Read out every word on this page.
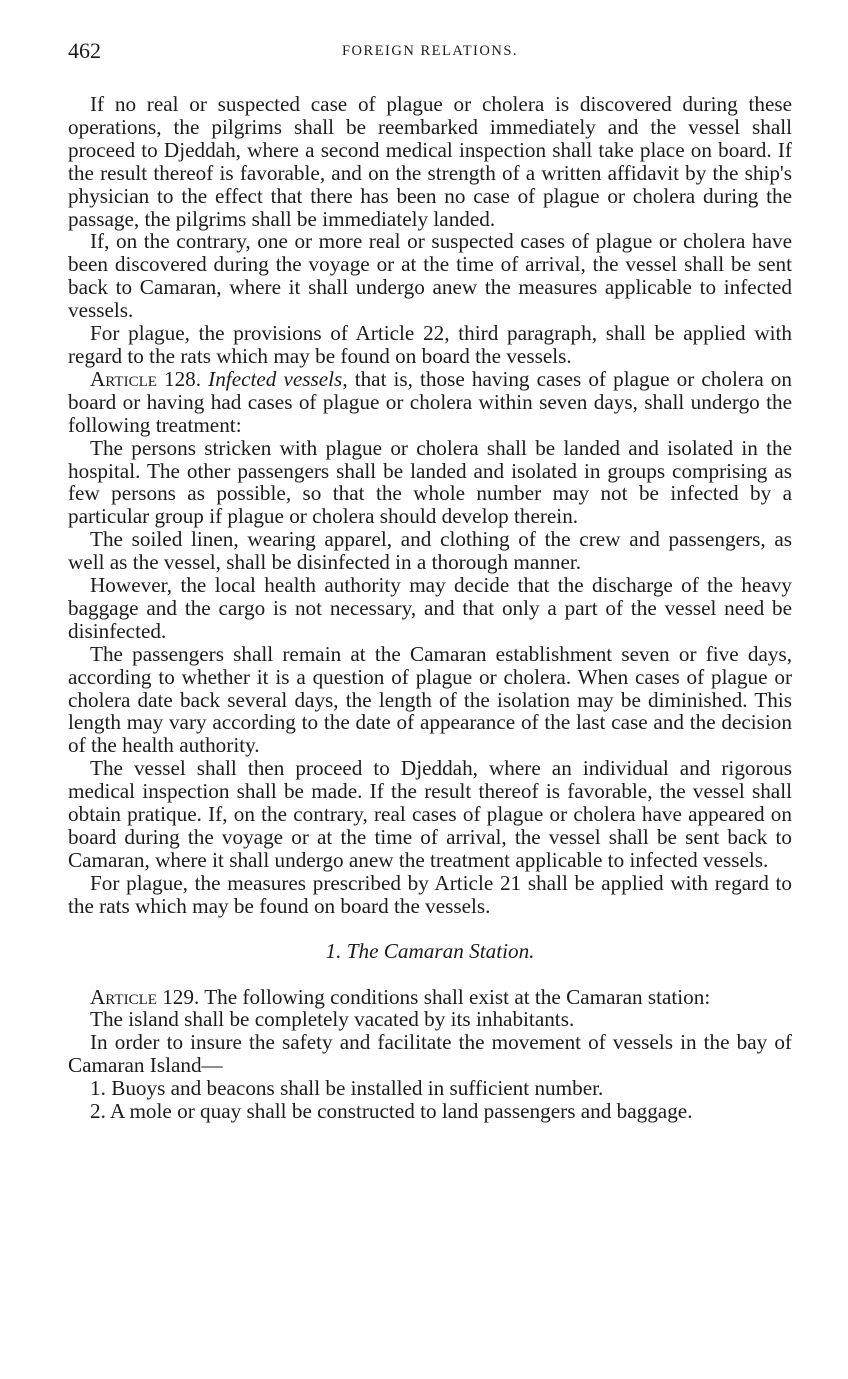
462	FOREIGN RELATIONS.

If no real or suspected case of plague or cholera is discovered during these operations, the pilgrims shall be reembarked immediately and the vessel shall proceed to Djeddah, where a second medical inspection shall take place on board. If the result thereof is favorable, and on the strength of a written affidavit by the ship's physician to the effect that there has been no case of plague or cholera during the passage, the pilgrims shall be immediately landed.

If, on the contrary, one or more real or suspected cases of plague or cholera have been discovered during the voyage or at the time of arrival, the vessel shall be sent back to Camaran, where it shall undergo anew the measures applicable to infected vessels.

For plague, the provisions of Article 22, third paragraph, shall be applied with regard to the rats which may be found on board the vessels.

Article 128. Infected vessels, that is, those having cases of plague or cholera on board or having had cases of plague or cholera within seven days, shall undergo the following treatment:

The persons stricken with plague or cholera shall be landed and isolated in the hospital. The other passengers shall be landed and isolated in groups comprising as few persons as possible, so that the whole number may not be infected by a particular group if plague or cholera should develop therein.

The soiled linen, wearing apparel, and clothing of the crew and passengers, as well as the vessel, shall be disinfected in a thorough manner.

However, the local health authority may decide that the discharge of the heavy baggage and the cargo is not necessary, and that only a part of the vessel need be disinfected.

The passengers shall remain at the Camaran establishment seven or five days, according to whether it is a question of plague or cholera. When cases of plague or cholera date back several days, the length of the isolation may be diminished. This length may vary according to the date of appearance of the last case and the decision of the health authority.

The vessel shall then proceed to Djeddah, where an individual and rigorous medical inspection shall be made. If the result thereof is favorable, the vessel shall obtain pratique. If, on the contrary, real cases of plague or cholera have appeared on board during the voyage or at the time of arrival, the vessel shall be sent back to Camaran, where it shall undergo anew the treatment applicable to infected vessels.

For plague, the measures prescribed by Article 21 shall be applied with regard to the rats which may be found on board the vessels.

1. The Camaran Station.

Article 129. The following conditions shall exist at the Camaran station:

The island shall be completely vacated by its inhabitants.

In order to insure the safety and facilitate the movement of vessels in the bay of Camaran Island—

1. Buoys and beacons shall be installed in sufficient number.

2. A mole or quay shall be constructed to land passengers and baggage.
